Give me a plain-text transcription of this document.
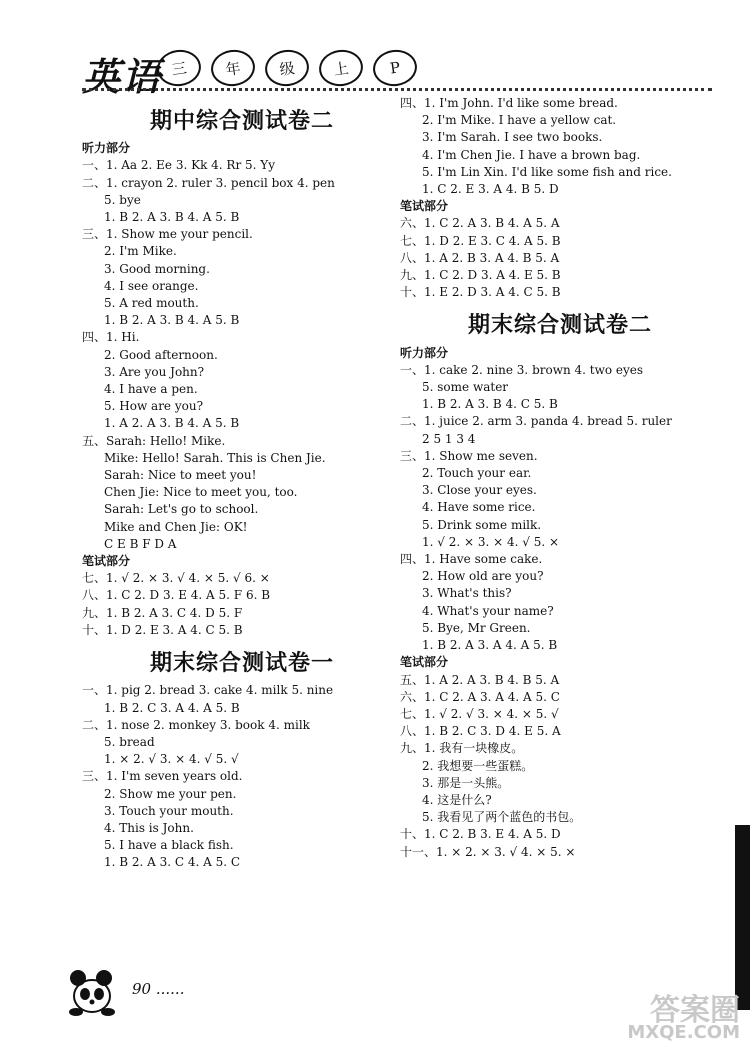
英语 三	年	级	上	P
期中综合测试卷二
听力部分
一、1. Aa 2. Ee 3. Kk 4. Rr 5. Yy
二、1. crayon 2. ruler 3. pencil box 4. pen
5. bye
1. B 2. A 3. B 4. A 5. B
三、1. Show me your pencil.
2. I'm Mike.
3. Good morning.
4. I see orange.
5. A red mouth.
1. B 2. A 3. B 4. A 5. B
四、1. Hi.
2. Good afternoon.
3. Are you John?
4. I have a pen.
5. How are you?
1. A 2. A 3. B 4. A 5. B
五、Sarah: Hello! Mike.
Mike: Hello! Sarah. This is Chen Jie.
Sarah: Nice to meet you!
Chen Jie: Nice to meet you, too.
Sarah: Let's go to school.
Mike and Chen Jie: OK!
C E B F D A
笔试部分
七、1. √ 2. × 3. √ 4. × 5. √ 6. ×
八、1. C 2. D 3. E 4. A 5. F 6. B
九、1. B 2. A 3. C 4. D 5. F
十、1. D 2. E 3. A 4. C 5. B
期末综合测试卷一
一、1. pig 2. bread 3. cake 4. milk 5. nine
1. B 2. C 3. A 4. A 5. B
二、1. nose 2. monkey 3. book 4. milk
5. bread
1. × 2. √ 3. × 4. √ 5. √
三、1. I'm seven years old.
2. Show me your pen.
3. Touch your mouth.
4. This is John.
5. I have a black fish.
1. B 2. A 3. C 4. A 5. C
四、1. I'm John. I'd like some bread.
2. I'm Mike. I have a yellow cat.
3. I'm Sarah. I see two books.
4. I'm Chen Jie. I have a brown bag.
5. I'm Lin Xin. I'd like some fish and rice.
1. C 2. E 3. A 4. B 5. D
笔试部分
六、1. C 2. A 3. B 4. A 5. A
七、1. D 2. E 3. C 4. A 5. B
八、1. A 2. B 3. A 4. B 5. A
九、1. C 2. D 3. A 4. E 5. B
十、1. E 2. D 3. A 4. C 5. B
期末综合测试卷二
听力部分
一、1. cake 2. nine 3. brown 4. two eyes
5. some water
1. B 2. A 3. B 4. C 5. B
二、1. juice 2. arm 3. panda 4. bread 5. ruler
2 5 1 3 4
三、1. Show me seven.
2. Touch your ear.
3. Close your eyes.
4. Have some rice.
5. Drink some milk.
1. √ 2. × 3. × 4. √ 5. ×
四、1. Have some cake.
2. How old are you?
3. What's this?
4. What's your name?
5. Bye, Mr Green.
1. B 2. A 3. A 4. A 5. B
笔试部分
五、1. A 2. A 3. B 4. B 5. A
六、1. C 2. A 3. A 4. A 5. C
七、1. √ 2. √ 3. × 4. × 5. √
八、1. B 2. C 3. D 4. E 5. A
九、1. 我有一块橡皮。
2. 我想要一些蛋糕。
3. 那是一头熊。
4. 这是什么?
5. 我看见了两个蓝色的书包。
十、1. C 2. B 3. E 4. A 5. D
十一、1. × 2. × 3. √ 4. × 5. ×
90 ......
答案圈
MXQE.COM
